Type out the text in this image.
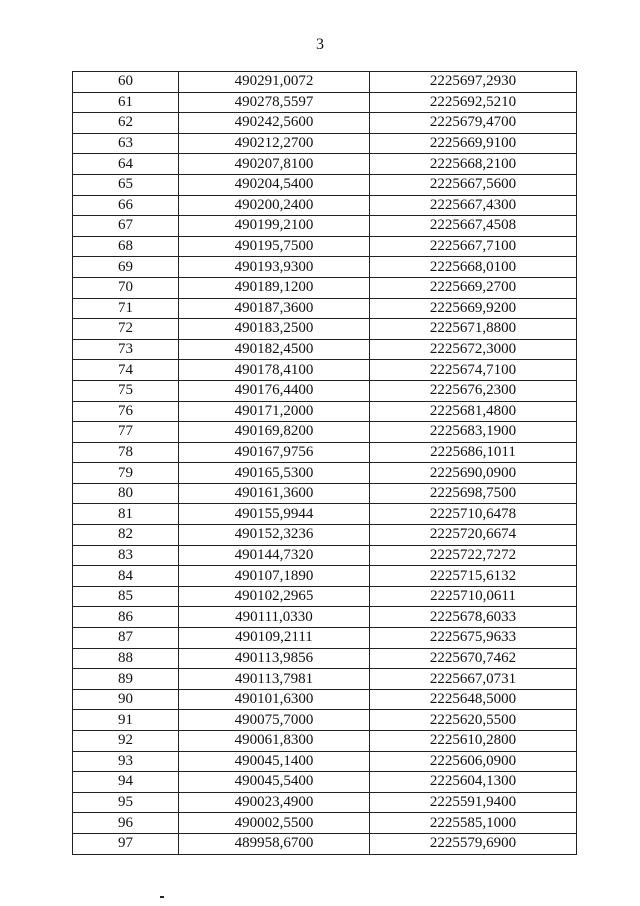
3
60	490291,0072	2225697,2930
61	490278,5597	2225692,5210
62	490242,5600	2225679,4700
63	490212,2700	2225669,9100
64	490207,8100	2225668,2100
65	490204,5400	2225667,5600
66	490200,2400	2225667,4300
67	490199,2100	2225667,4508
68	490195,7500	2225667,7100
69	490193,9300	2225668,0100
70	490189,1200	2225669,2700
71	490187,3600	2225669,9200
72	490183,2500	2225671,8800
73	490182,4500	2225672,3000
74	490178,4100	2225674,7100
75	490176,4400	2225676,2300
76	490171,2000	2225681,4800
77	490169,8200	2225683,1900
78	490167,9756	2225686,1011
79	490165,5300	2225690,0900
80	490161,3600	2225698,7500
81	490155,9944	2225710,6478
82	490152,3236	2225720,6674
83	490144,7320	2225722,7272
84	490107,1890	2225715,6132
85	490102,2965	2225710,0611
86	490111,0330	2225678,6033
87	490109,2111	2225675,9633
88	490113,9856	2225670,7462
89	490113,7981	2225667,0731
90	490101,6300	2225648,5000
91	490075,7000	2225620,5500
92	490061,8300	2225610,2800
93	490045,1400	2225606,0900
94	490045,5400	2225604,1300
95	490023,4900	2225591,9400
96	490002,5500	2225585,1000
97	489958,6700	2225579,6900
